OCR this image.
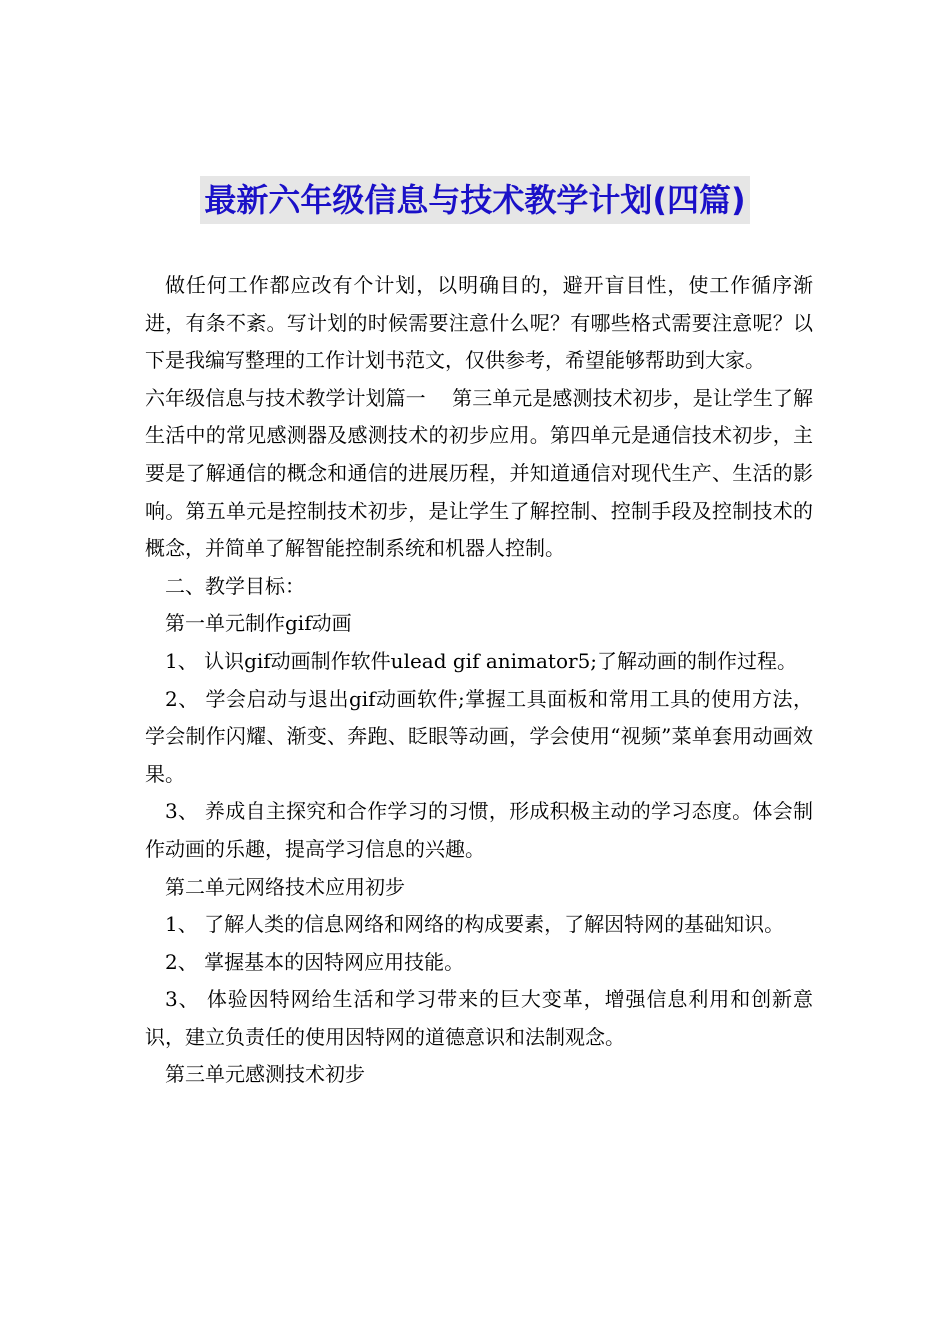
最新六年级信息与技术教学计划(四篇)

做任何工作都应改有个计划，以明确目的，避开盲目性，使工作循序渐进，有条不紊。写计划的时候需要注意什么呢？有哪些格式需要注意呢？以下是我编写整理的工作计划书范文，仅供参考，希望能够帮助到大家。

六年级信息与技术教学计划篇一　 第三单元是感测技术初步，是让学生了解生活中的常见感测器及感测技术的初步应用。第四单元是通信技术初步，主要是了解通信的概念和通信的进展历程，并知道通信对现代生产、生活的影响。第五单元是控制技术初步，是让学生了解控制、控制手段及控制技术的概念，并简单了解智能控制系统和机器人控制。

二、教学目标：

第一单元制作gif动画

1、 认识gif动画制作软件ulead gif animator5;了解动画的制作过程。

2、 学会启动与退出gif动画软件;掌握工具面板和常用工具的使用方法，学会制作闪耀、渐变、奔跑、眨眼等动画，学会使用“视频”菜单套用动画效果。

3、 养成自主探究和合作学习的习惯，形成积极主动的学习态度。体会制作动画的乐趣，提高学习信息的兴趣。

第二单元网络技术应用初步

1、 了解人类的信息网络和网络的构成要素，了解因特网的基础知识。

2、 掌握基本的因特网应用技能。

3、 体验因特网给生活和学习带来的巨大变革，增强信息利用和创新意识，建立负责任的使用因特网的道德意识和法制观念。

第三单元感测技术初步
